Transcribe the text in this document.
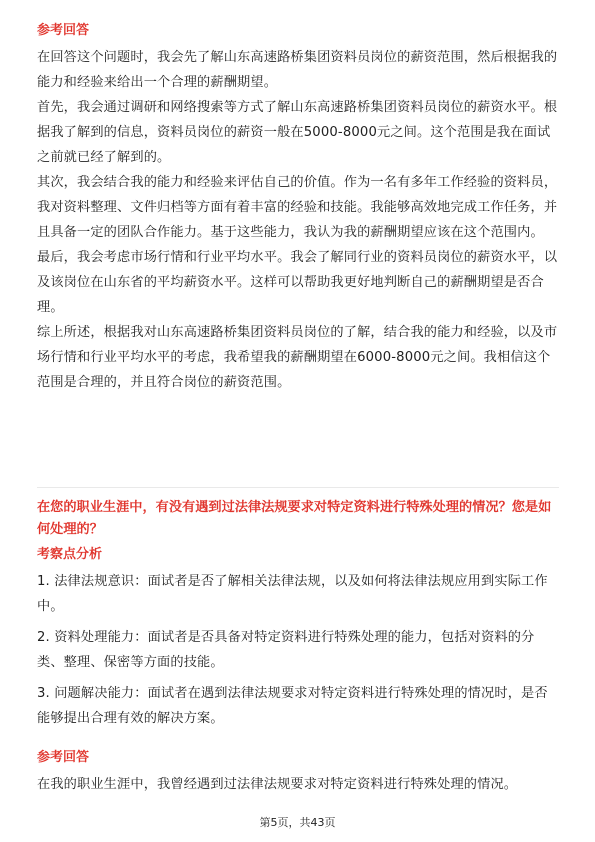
参考回答

在回答这个问题时，我会先了解山东高速路桥集团资料员岗位的薪资范围，然后根据我的能力和经验来给出一个合理的薪酬期望。

首先，我会通过调研和网络搜索等方式了解山东高速路桥集团资料员岗位的薪资水平。根据我了解到的信息，资料员岗位的薪资一般在5000-8000元之间。这个范围是我在面试之前就已经了解到的。

其次，我会结合我的能力和经验来评估自己的价值。作为一名有多年工作经验的资料员，我对资料整理、文件归档等方面有着丰富的经验和技能。我能够高效地完成工作任务，并且具备一定的团队合作能力。基于这些能力，我认为我的薪酬期望应该在这个范围内。

最后，我会考虑市场行情和行业平均水平。我会了解同行业的资料员岗位的薪资水平，以及该岗位在山东省的平均薪资水平。这样可以帮助我更好地判断自己的薪酬期望是否合理。

综上所述，根据我对山东高速路桥集团资料员岗位的了解，结合我的能力和经验，以及市场行情和行业平均水平的考虑，我希望我的薪酬期望在6000-8000元之间。我相信这个范围是合理的，并且符合岗位的薪资范围。

在您的职业生涯中，有没有遇到过法律法规要求对特定资料进行特殊处理的情况？您是如何处理的？
考察点分析

1. 法律法规意识：面试者是否了解相关法律法规，以及如何将法律法规应用到实际工作中。

2. 资料处理能力：面试者是否具备对特定资料进行特殊处理的能力，包括对资料的分类、整理、保密等方面的技能。

3. 问题解决能力：面试者在遇到法律法规要求对特定资料进行特殊处理的情况时，是否能够提出合理有效的解决方案。

参考回答

在我的职业生涯中，我曾经遇到过法律法规要求对特定资料进行特殊处理的情况。

第5页，共43页
